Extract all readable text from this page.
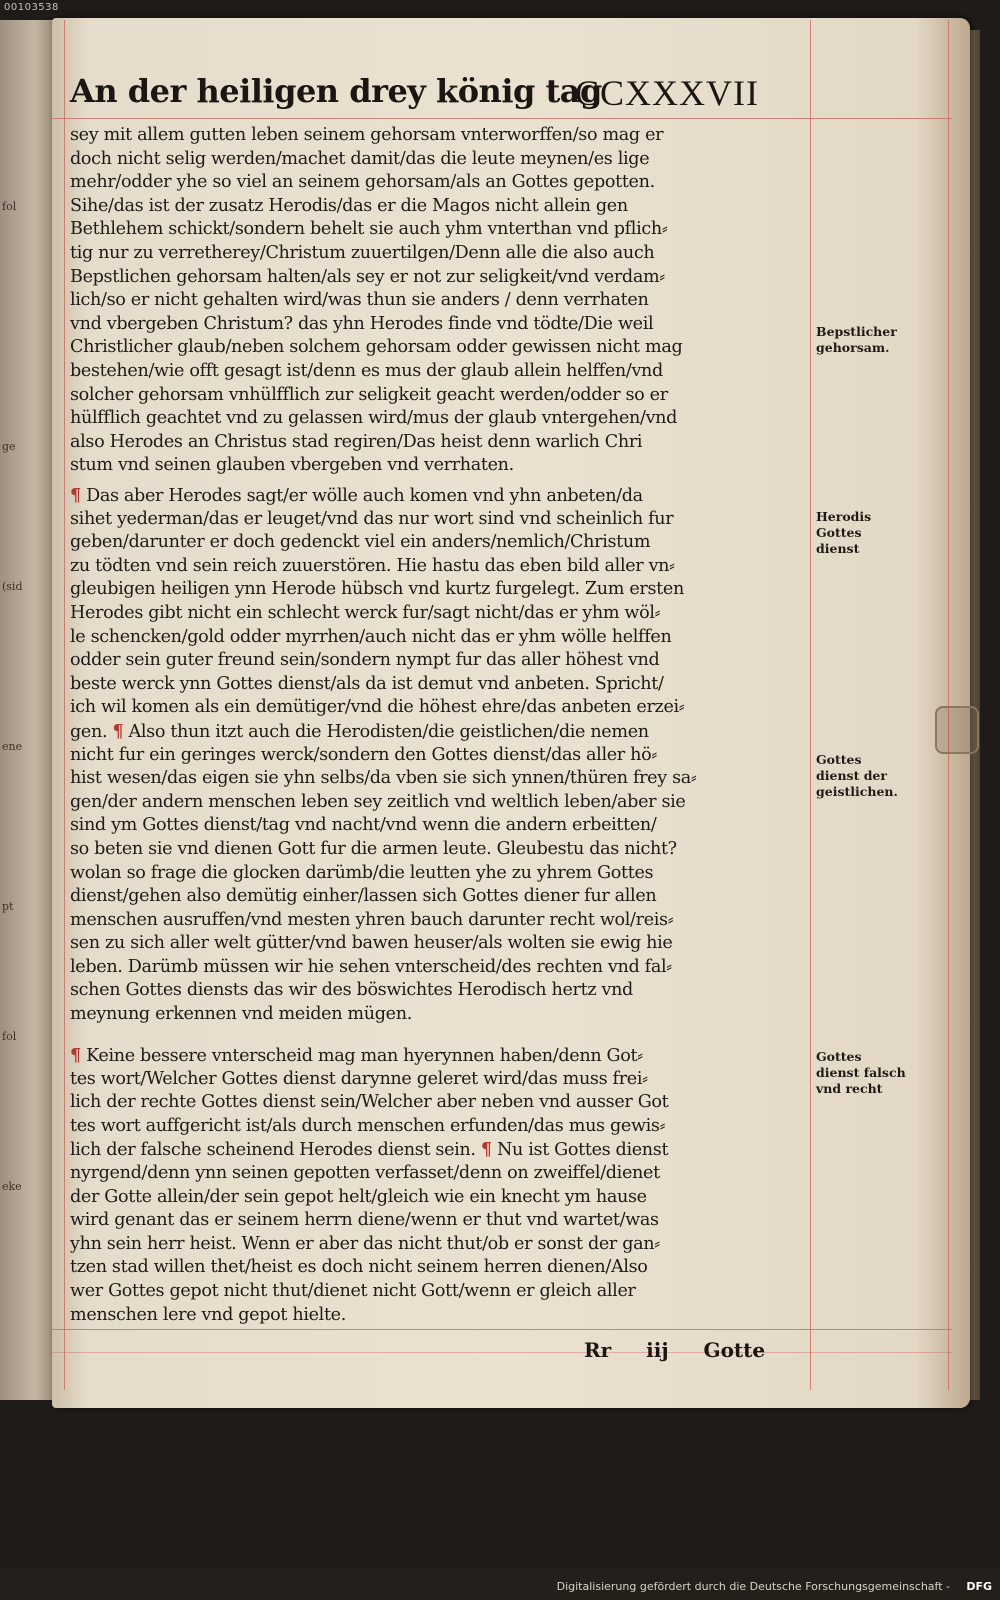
00103538
fol
ge
(sid
ene
pt
fol
eke
An der heiligen drey könig tag
CCXXXVII
sey mit allem gutten leben seinem gehorsam vnterworffen/so mag er
doch nicht selig werden/machet damit/das die leute meynen/es lige
mehr/odder yhe so viel an seinem gehorsam/als an Gottes gepotten.
Sihe/das ist der zusatz Herodis/das er die Magos nicht allein gen
Bethlehem schickt/sondern behelt sie auch yhm vnterthan vnd pflich⸗
tig nur zu verretherey/Christum zuuertilgen/Denn alle die also auch
Bepstlichen gehorsam halten/als sey er not zur seligkeit/vnd verdam⸗
lich/so er nicht gehalten wird/was thun sie anders / denn verrhaten
vnd vbergeben Christum? das yhn Herodes finde vnd tödte/Die weil
Christlicher glaub/neben solchem gehorsam odder gewissen nicht mag
bestehen/wie offt gesagt ist/denn es mus der glaub allein helffen/vnd
solcher gehorsam vnhülfflich zur seligkeit geacht werden/odder so er
hülfflich geachtet vnd zu gelassen wird/mus der glaub vntergehen/vnd
also Herodes an Christus stad regiren/Das heist denn warlich Chri
stum vnd seinen glauben vbergeben vnd verrhaten.
¶ Das aber Herodes sagt/er wölle auch komen vnd yhn anbeten/da
sihet yederman/das er leuget/vnd das nur wort sind vnd scheinlich fur
geben/darunter er doch gedenckt viel ein anders/nemlich/Christum
zu tödten vnd sein reich zuuerstören. Hie hastu das eben bild aller vn⸗
gleubigen heiligen ynn Herode hübsch vnd kurtz furgelegt. Zum ersten
Herodes gibt nicht ein schlecht werck fur/sagt nicht/das er yhm wöl⸗
le schencken/gold odder myrrhen/auch nicht das er yhm wölle helffen
odder sein guter freund sein/sondern nympt fur das aller höhest vnd
beste werck ynn Gottes dienst/als da ist demut vnd anbeten. Spricht/
ich wil komen als ein demütiger/vnd die höhest ehre/das anbeten erzei⸗
gen. ¶ Also thun itzt auch die Herodisten/die geistlichen/die nemen
nicht fur ein geringes werck/sondern den Gottes dienst/das aller hö⸗
hist wesen/das eigen sie yhn selbs/da vben sie sich ynnen/thüren frey sa⸗
gen/der andern menschen leben sey zeitlich vnd weltlich leben/aber sie
sind ym Gottes dienst/tag vnd nacht/vnd wenn die andern erbeitten/
so beten sie vnd dienen Gott fur die armen leute. Gleubestu das nicht?
wolan so frage die glocken darümb/die leutten yhe zu yhrem Gottes
dienst/gehen also demütig einher/lassen sich Gottes diener fur allen
menschen ausruffen/vnd mesten yhren bauch darunter recht wol/reis⸗
sen zu sich aller welt gütter/vnd bawen heuser/als wolten sie ewig hie
leben. Darümb müssen wir hie sehen vnterscheid/des rechten vnd fal⸗
schen Gottes diensts das wir des böswichtes Herodisch hertz vnd
meynung erkennen vnd meiden mügen.
¶ Keine bessere vnterscheid mag man hyerynnen haben/denn Got⸗
tes wort/Welcher Gottes dienst darynne geleret wird/das muss frei⸗
lich der rechte Gottes dienst sein/Welcher aber neben vnd ausser Got
tes wort auffgericht ist/als durch menschen erfunden/das mus gewis⸗
lich der falsche scheinend Herodes dienst sein. ¶ Nu ist Gottes dienst
nyrgend/denn ynn seinen gepotten verfasset/denn on zweiffel/dienet
der Gotte allein/der sein gepot helt/gleich wie ein knecht ym hause
wird genant das er seinem herrn diene/wenn er thut vnd wartet/was
yhn sein herr heist. Wenn er aber das nicht thut/ob er sonst der gan⸗
tzen stad willen thet/heist es doch nicht seinem herren dienen/Also
wer Gottes gepot nicht thut/dienet nicht Gott/wenn er gleich aller
menschen lere vnd gepot hielte.
Bepstlicher
gehorsam.
Herodis
Gottes
dienst
Gottes
dienst der
geistlichen.
Gottes
dienst falsch
vnd recht
Rr iij Gotte
Digitalisierung gefördert durch die Deutsche Forschungsgemeinschaft - DFG
